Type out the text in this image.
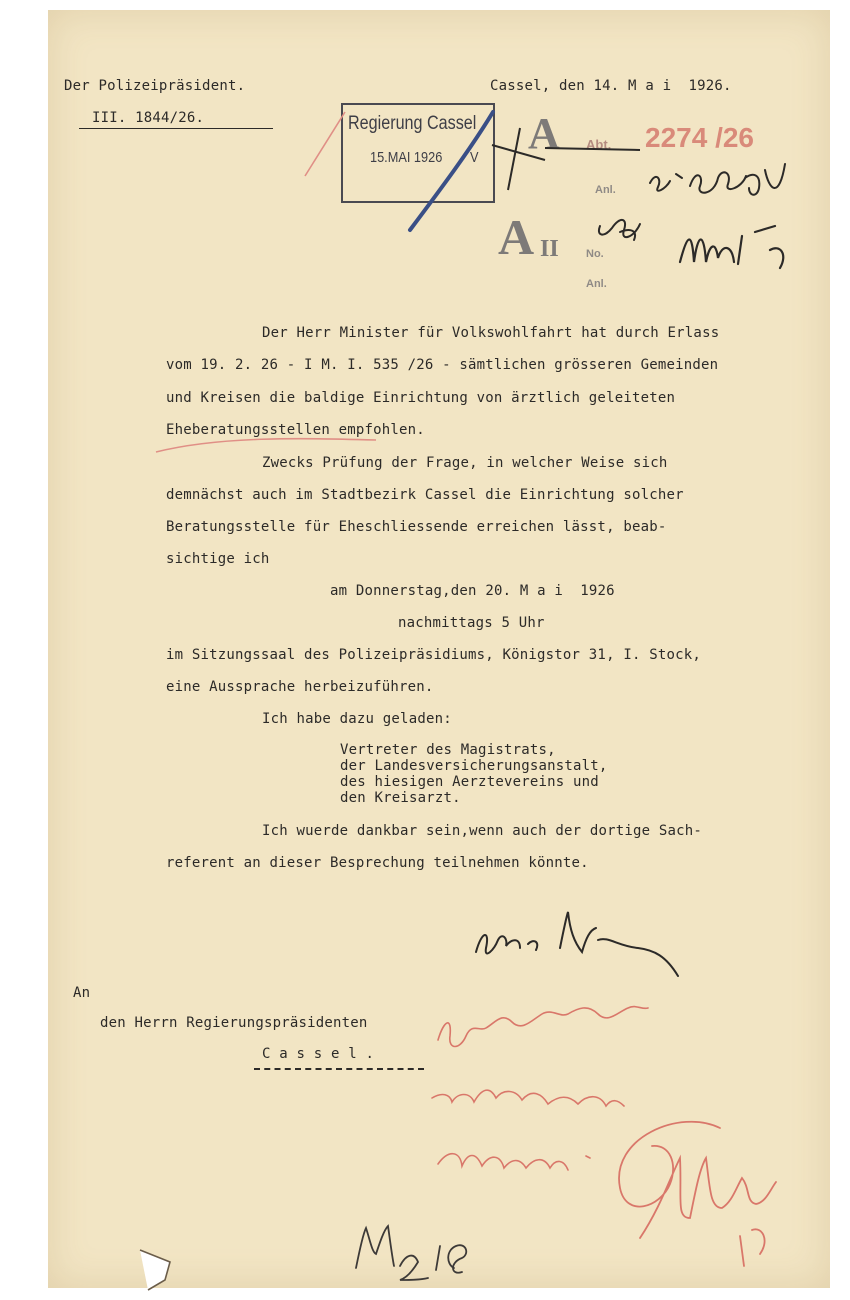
Der Polizeipräsident.
III. 1844/26.
Cassel, den 14. M a i  1926.
Regierung Cassel
15.MAI 1926 V A Abt. 2274 /26
Anl.
A II No.
Anl.
Der Herr Minister für Volkswohlfahrt hat durch Erlass
vom 19. 2. 26 - I M. I. 535 /26 - sämtlichen grösseren Gemeinden
und Kreisen die baldige Einrichtung von ärztlich geleiteten
Eheberatungsstellen empfohlen.
Zwecks Prüfung der Frage, in welcher Weise sich
demnächst auch im Stadtbezirk Cassel die Einrichtung solcher
Beratungsstelle für Eheschliessende erreichen lässt, beab-
sichtige ich
am Donnerstag,den 20. M a i  1926
nachmittags 5 Uhr
im Sitzungssaal des Polizeipräsidiums, Königstor 31, I. Stock,
eine Aussprache herbeizuführen.
Ich habe dazu geladen:
Vertreter des Magistrats,
der Landesversicherungsanstalt,
des hiesigen Aerztevereins und
den Kreisarzt.
Ich wuerde dankbar sein,wenn auch der dortige Sach-
referent an dieser Besprechung teilnehmen könnte.
An
den Herrn Regierungspräsidenten
C a s s e l .
